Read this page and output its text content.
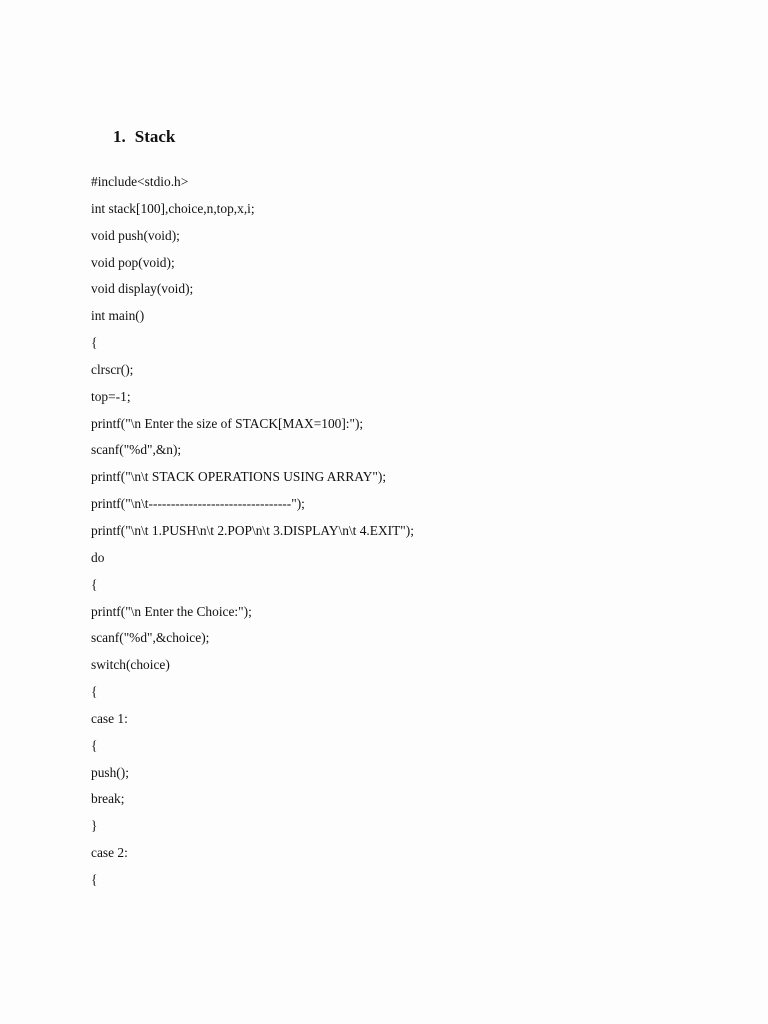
1. Stack
#include<stdio.h>
int stack[100],choice,n,top,x,i;
void push(void);
void pop(void);
void display(void);
int main()
{
clrscr();
top=-1;
printf("\n Enter the size of STACK[MAX=100]:");
scanf("%d",&n);
printf("\n\t STACK OPERATIONS USING ARRAY");
printf("\n\t--------------------------------");
printf("\n\t 1.PUSH\n\t 2.POP\n\t 3.DISPLAY\n\t 4.EXIT");
do
{
printf("\n Enter the Choice:");
scanf("%d",&choice);
switch(choice)
{
case 1:
{
push();
break;
}
case 2:
{
